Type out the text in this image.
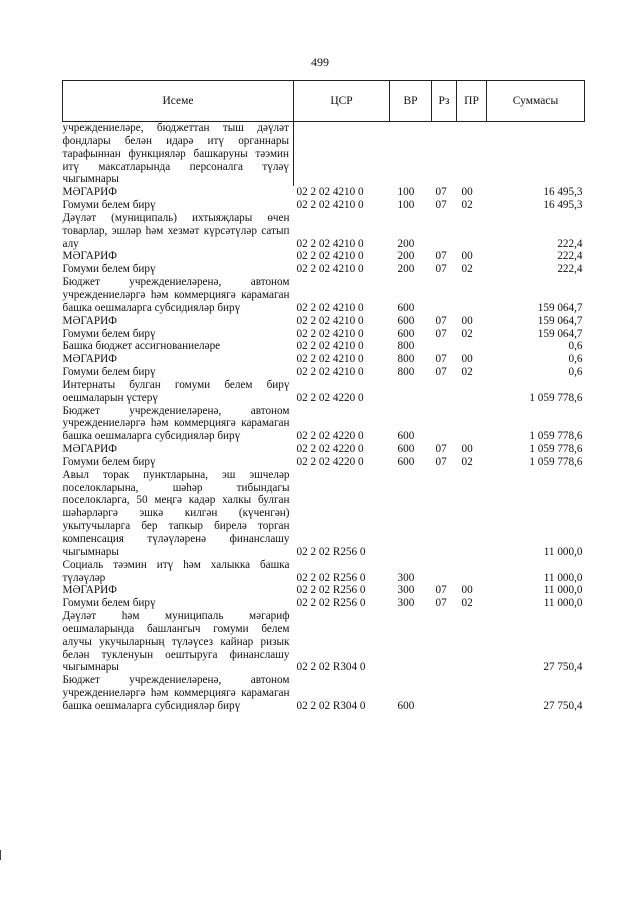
499
Исеме	ЦСР	ВР	Рз	ПР	Суммасы
учреждениеләре, бюджеттан тыш дәүләт фондлары белән идарә итү органнары тарафыннан функцияләр башкаруны тәэмин итү максатларында персоналга түләү чыгымнары					
МӘГАРИФ	02 2 02 4210 0	100	07	00	16 495,3
Гомуми белем бирү	02 2 02 4210 0	100	07	02	16 495,3
Дәүләт (муниципаль) ихтыяҗлары өчен товарлар, эшләр һәм хезмәт күрсәтүләр сатып алу	02 2 02 4210 0	200			222,4
МӘГАРИФ	02 2 02 4210 0	200	07	00	222,4
Гомуми белем бирү	02 2 02 4210 0	200	07	02	222,4
Бюджет учреждениеләренә, автоном учреждениеләргә һәм коммерциягә карамаган башка оешмаларга субсидияләр бирү	02 2 02 4210 0	600			159 064,7
МӘГАРИФ	02 2 02 4210 0	600	07	00	159 064,7
Гомуми белем бирү	02 2 02 4210 0	600	07	02	159 064,7
Башка бюджет ассигнованиеләре	02 2 02 4210 0	800			0,6
МӘГАРИФ	02 2 02 4210 0	800	07	00	0,6
Гомуми белем бирү	02 2 02 4210 0	800	07	02	0,6
Интернаты булган гомуми белем бирү оешмаларын үстерү	02 2 02 4220 0				1 059 778,6
Бюджет учреждениеләренә, автоном учреждениеләргә һәм коммерциягә карамаган башка оешмаларга субсидияләр бирү	02 2 02 4220 0	600			1 059 778,6
МӘГАРИФ	02 2 02 4220 0	600	07	00	1 059 778,6
Гомуми белем бирү	02 2 02 4220 0	600	07	02	1 059 778,6
Авыл торак пунктларына, эш эшчеләр поселокларына, шәһәр тибындагы поселокларга, 50 меңгә кадәр халкы булган шәһәрләргә эшкә килгән (күченгән) укытучыларга бер тапкыр бирелә торган компенсация түләүләренә финанслашу чыгымнары	02 2 02 R256 0				11 000,0
Социаль тәэмин итү һәм халыкка башка түләүләр	02 2 02 R256 0	300			11 000,0
МӘГАРИФ	02 2 02 R256 0	300	07	00	11 000,0
Гомуми белем бирү	02 2 02 R256 0	300	07	02	11 000,0
Дәүләт һәм муниципаль мәгариф оешмаларында башлангыч гомуми белем алучы укучыларның түләүсез кайнар ризык белән тукленуын оештыруга финанслашу чыгымнары	02 2 02 R304 0				27 750,4
Бюджет учреждениеләренә, автоном учреждениеләргә һәм коммерциягә карамаган башка оешмаларга субсидияләр бирү	02 2 02 R304 0	600			27 750,4
